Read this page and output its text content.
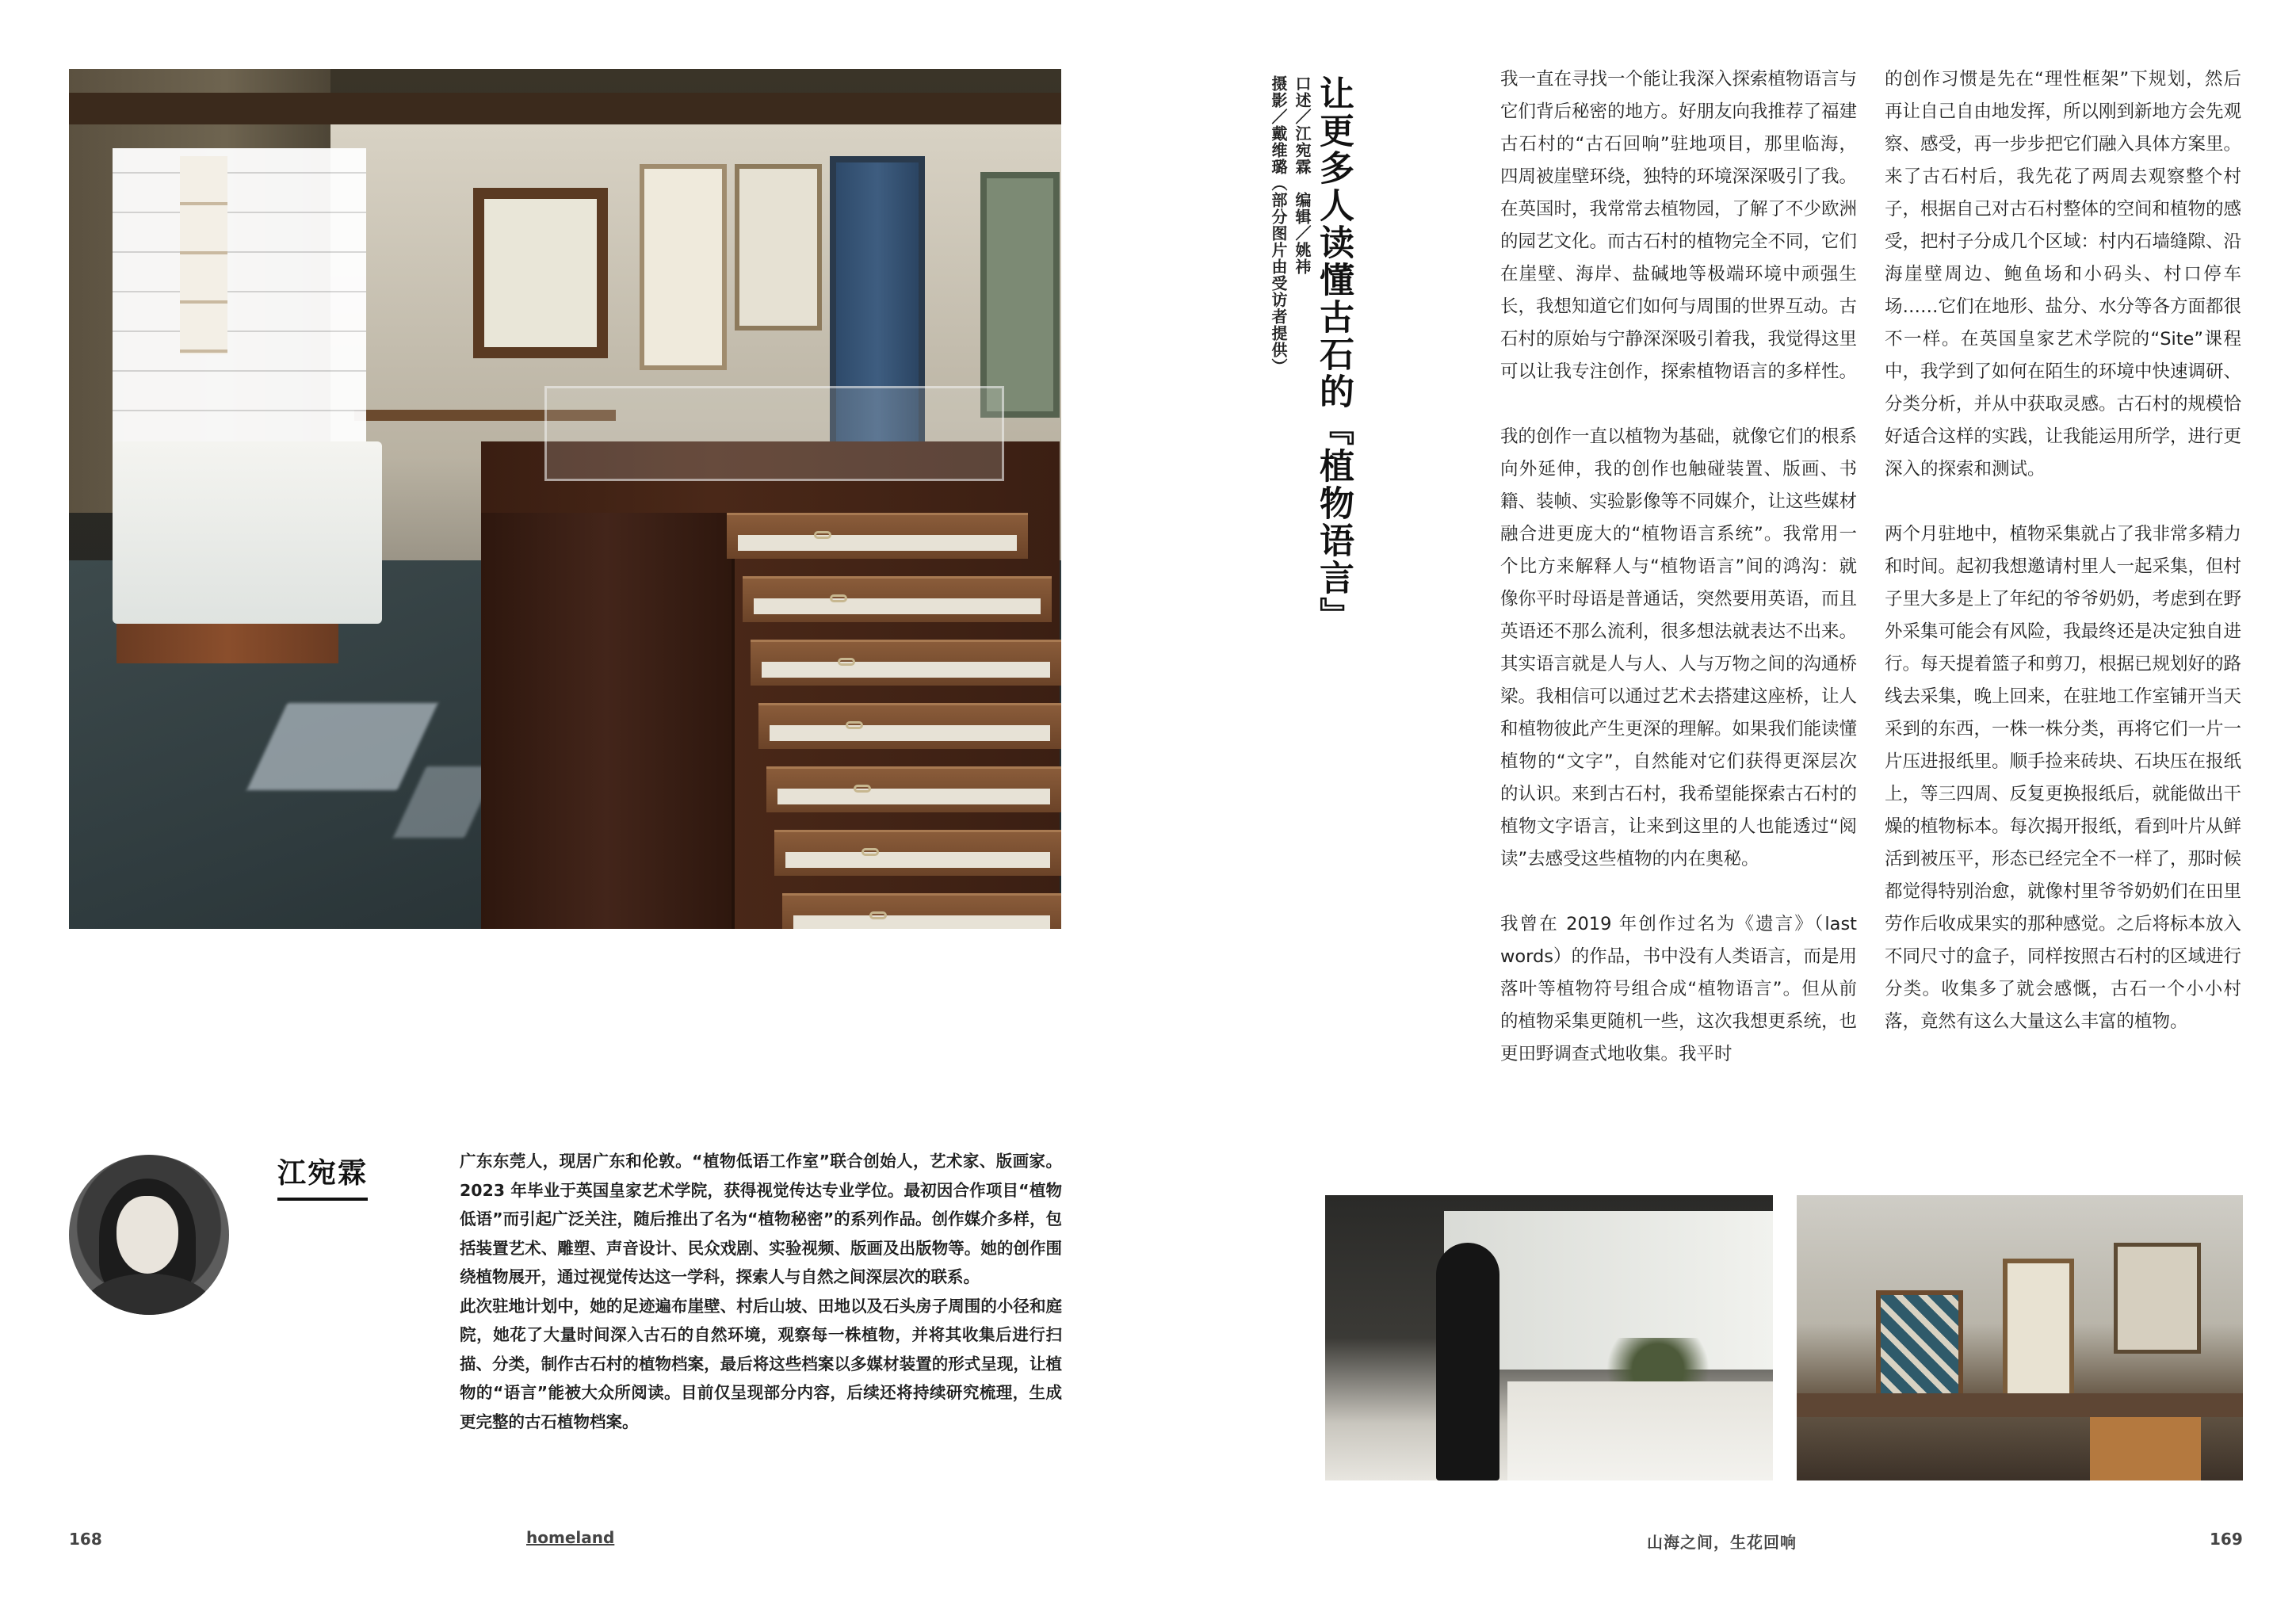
让更多人读懂古石的『植物语言』
口述／江宛霖　编辑／姚祎
摄影／戴维璐（部分图片由受访者提供）	我一直在寻找一个能让我深入探索植物语言与它们背后秘密的地方。好朋友向我推荐了福建古石村的“古石回响”驻地项目，那里临海，四周被崖壁环绕，独特的环境深深吸引了我。在英国时，我常常去植物园，了解了不少欧洲的园艺文化。而古石村的植物完全不同，它们在崖壁、海岸、盐碱地等极端环境中顽强生长，我想知道它们如何与周围的世界互动。古石村的原始与宁静深深吸引着我，我觉得这里可以让我专注创作，探索植物语言的多样性。

我的创作一直以植物为基础，就像它们的根系向外延伸，我的创作也触碰装置、版画、书籍、装帧、实验影像等不同媒介，让这些媒材融合进更庞大的“植物语言系统”。我常用一个比方来解释人与“植物语言”间的鸿沟：就像你平时母语是普通话，突然要用英语，而且英语还不那么流利，很多想法就表达不出来。其实语言就是人与人、人与万物之间的沟通桥梁。我相信可以通过艺术去搭建这座桥，让人和植物彼此产生更深的理解。如果我们能读懂植物的“文字”，自然能对它们获得更深层次的认识。来到古石村，我希望能探索古石村的植物文字语言，让来到这里的人也能透过“阅读”去感受这些植物的内在奥秘。

我曾在 2019 年创作过名为《遗言》（last words）的作品，书中没有人类语言，而是用落叶等植物符号组合成“植物语言”。但从前的植物采集更随机一些，这次我想更系统，也更田野调查式地收集。我平时

的创作习惯是先在“理性框架”下规划，然后再让自己自由地发挥，所以刚到新地方会先观察、感受，再一步步把它们融入具体方案里。来了古石村后，我先花了两周去观察整个村子，根据自己对古石村整体的空间和植物的感受，把村子分成几个区域：村内石墙缝隙、沿海崖壁周边、鲍鱼场和小码头、村口停车场……它们在地形、盐分、水分等各方面都很不一样。在英国皇家艺术学院的“Site”课程中，我学到了如何在陌生的环境中快速调研、分类分析，并从中获取灵感。古石村的规模恰好适合这样的实践，让我能运用所学，进行更深入的探索和测试。

两个月驻地中，植物采集就占了我非常多精力和时间。起初我想邀请村里人一起采集，但村子里大多是上了年纪的爷爷奶奶，考虑到在野外采集可能会有风险，我最终还是决定独自进行。每天提着篮子和剪刀，根据已规划好的路线去采集，晚上回来，在驻地工作室铺开当天采到的东西，一株一株分类，再将它们一片一片压进报纸里。顺手捡来砖块、石块压在报纸上，等三四周、反复更换报纸后，就能做出干燥的植物标本。每次揭开报纸，看到叶片从鲜活到被压平，形态已经完全不一样了，那时候都觉得特别治愈，就像村里爷爷奶奶们在田里劳作后收成果实的那种感觉。之后将标本放入不同尺寸的盒子，同样按照古石村的区域进行分类。收集多了就会感慨，古石一个小小村落，竟然有这么大量这么丰富的植物。

江宛霖	广东东莞人，现居广东和伦敦。“植物低语工作室”联合创始人，艺术家、版画家。2023 年毕业于英国皇家艺术学院，获得视觉传达专业学位。最初因合作项目“植物低语”而引起广泛关注，随后推出了名为“植物秘密”的系列作品。创作媒介多样，包括装置艺术、雕塑、声音设计、民众戏剧、实验视频、版画及出版物等。她的创作围绕植物展开，通过视觉传达这一学科，探索人与自然之间深层次的联系。
此次驻地计划中，她的足迹遍布崖壁、村后山坡、田地以及石头房子周围的小径和庭院，她花了大量时间深入古石的自然环境，观察每一株植物，并将其收集后进行扫描、分类，制作古石村的植物档案，最后将这些档案以多媒材装置的形式呈现，让植物的“语言”能被大众所阅读。目前仅呈现部分内容，后续还将持续研究梳理，生成更完整的古石植物档案。
168	homeland	山海之间，生花回响	169
